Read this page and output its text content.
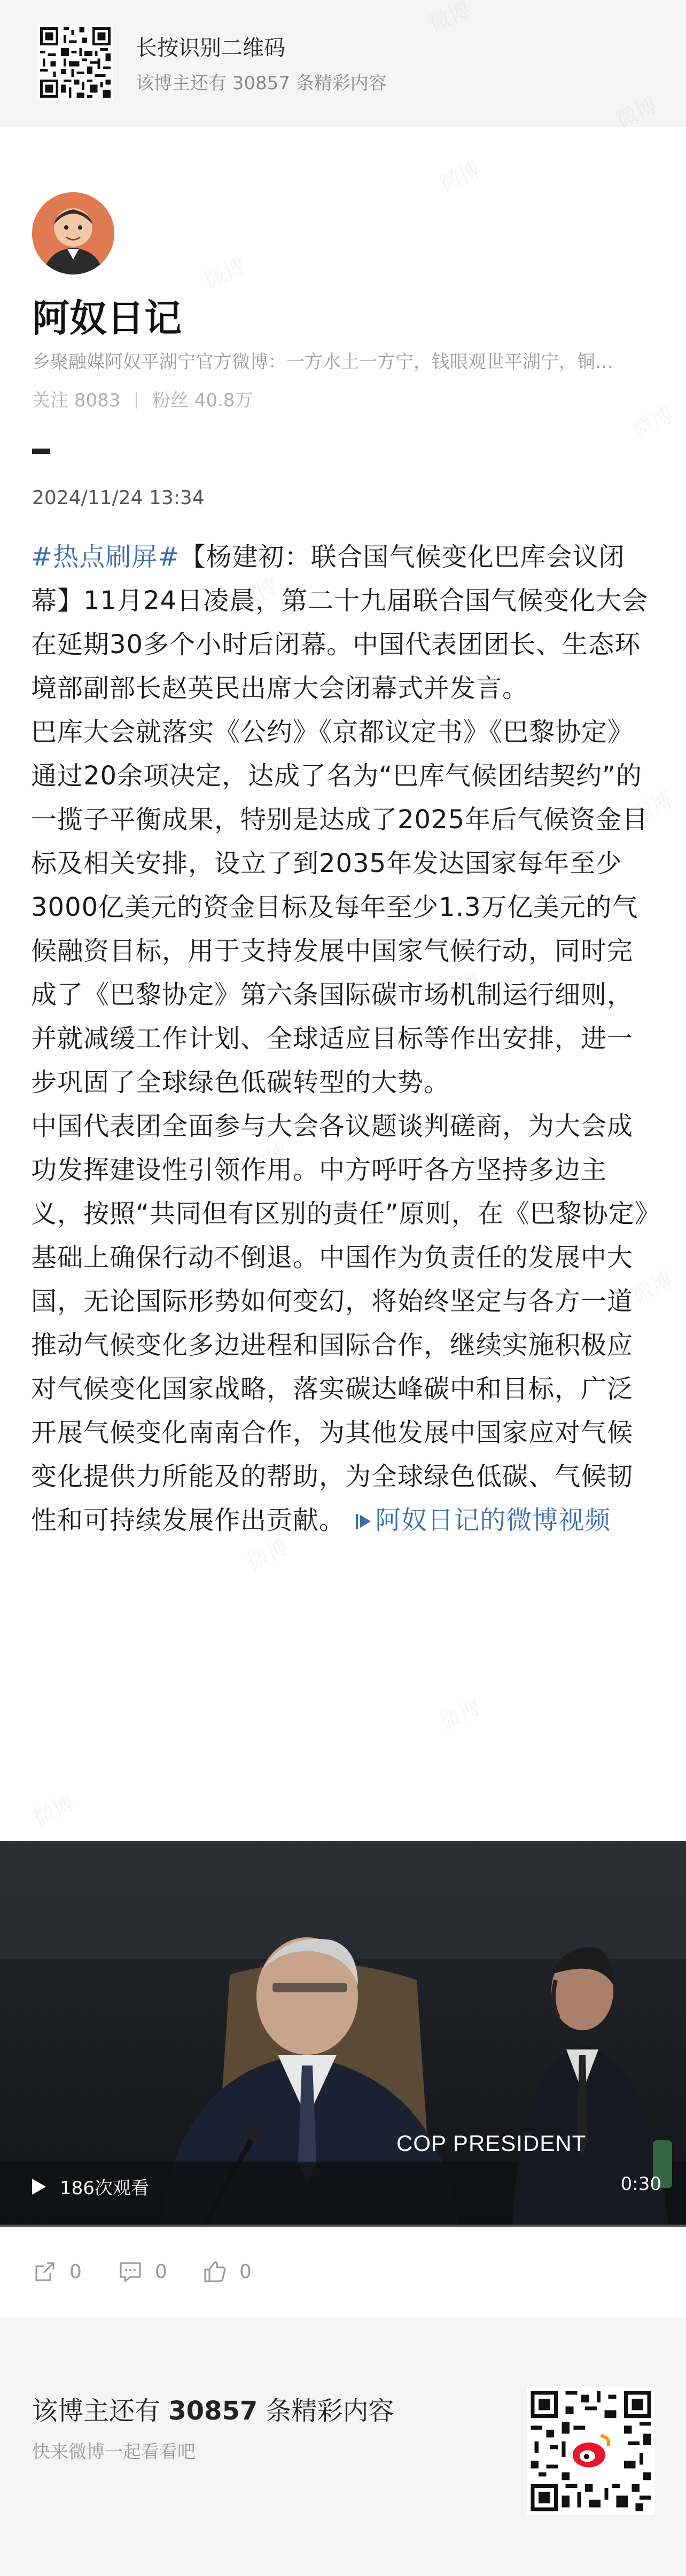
长按识别二维码
该博主还有 30857 条精彩内容
阿奴日记
乡聚融媒阿奴平湖宁官方微博：一方水土一方宁，钱眼观世平湖宁，铜…
关注 8083 粉丝 40.8万
2024/11/24 13:34

#热点刷屏#【杨建初：联合国气候变化巴库会议闭幕】11月24日凌晨，第二十九届联合国气候变化大会在延期30多个小时后闭幕。中国代表团团长、生态环境部副部长赵英民出席大会闭幕式并发言。

巴库大会就落实《公约》《京都议定书》《巴黎协定》通过20余项决定，达成了名为“巴库气候团结契约”的一揽子平衡成果，特别是达成了2025年后气候资金目标及相关安排，设立了到2035年发达国家每年至少3000亿美元的资金目标及每年至少1.3万亿美元的气候融资目标，用于支持发展中国家气候行动，同时完成了《巴黎协定》第六条国际碳市场机制运行细则，并就减缓工作计划、全球适应目标等作出安排，进一步巩固了全球绿色低碳转型的大势。

中国代表团全面参与大会各议题谈判磋商，为大会成功发挥建设性引领作用。中方呼吁各方坚持多边主义，按照“共同但有区别的责任”原则，在《巴黎协定》基础上确保行动不倒退。中国作为负责任的发展中大国，无论国际形势如何变幻，将始终坚定与各方一道推动气候变化多边进程和国际合作，继续实施积极应对气候变化国家战略，落实碳达峰碳中和目标，广泛开展气候变化南南合作，为其他发展中国家应对气候变化提供力所能及的帮助，为全球绿色低碳、气候韧性和可持续发展作出贡献。 阿奴日记的微博视频

COP PRESIDENT
186次观看	0:30
0	0	0
该博主还有 30857 条精彩内容
快来微博一起看看吧
